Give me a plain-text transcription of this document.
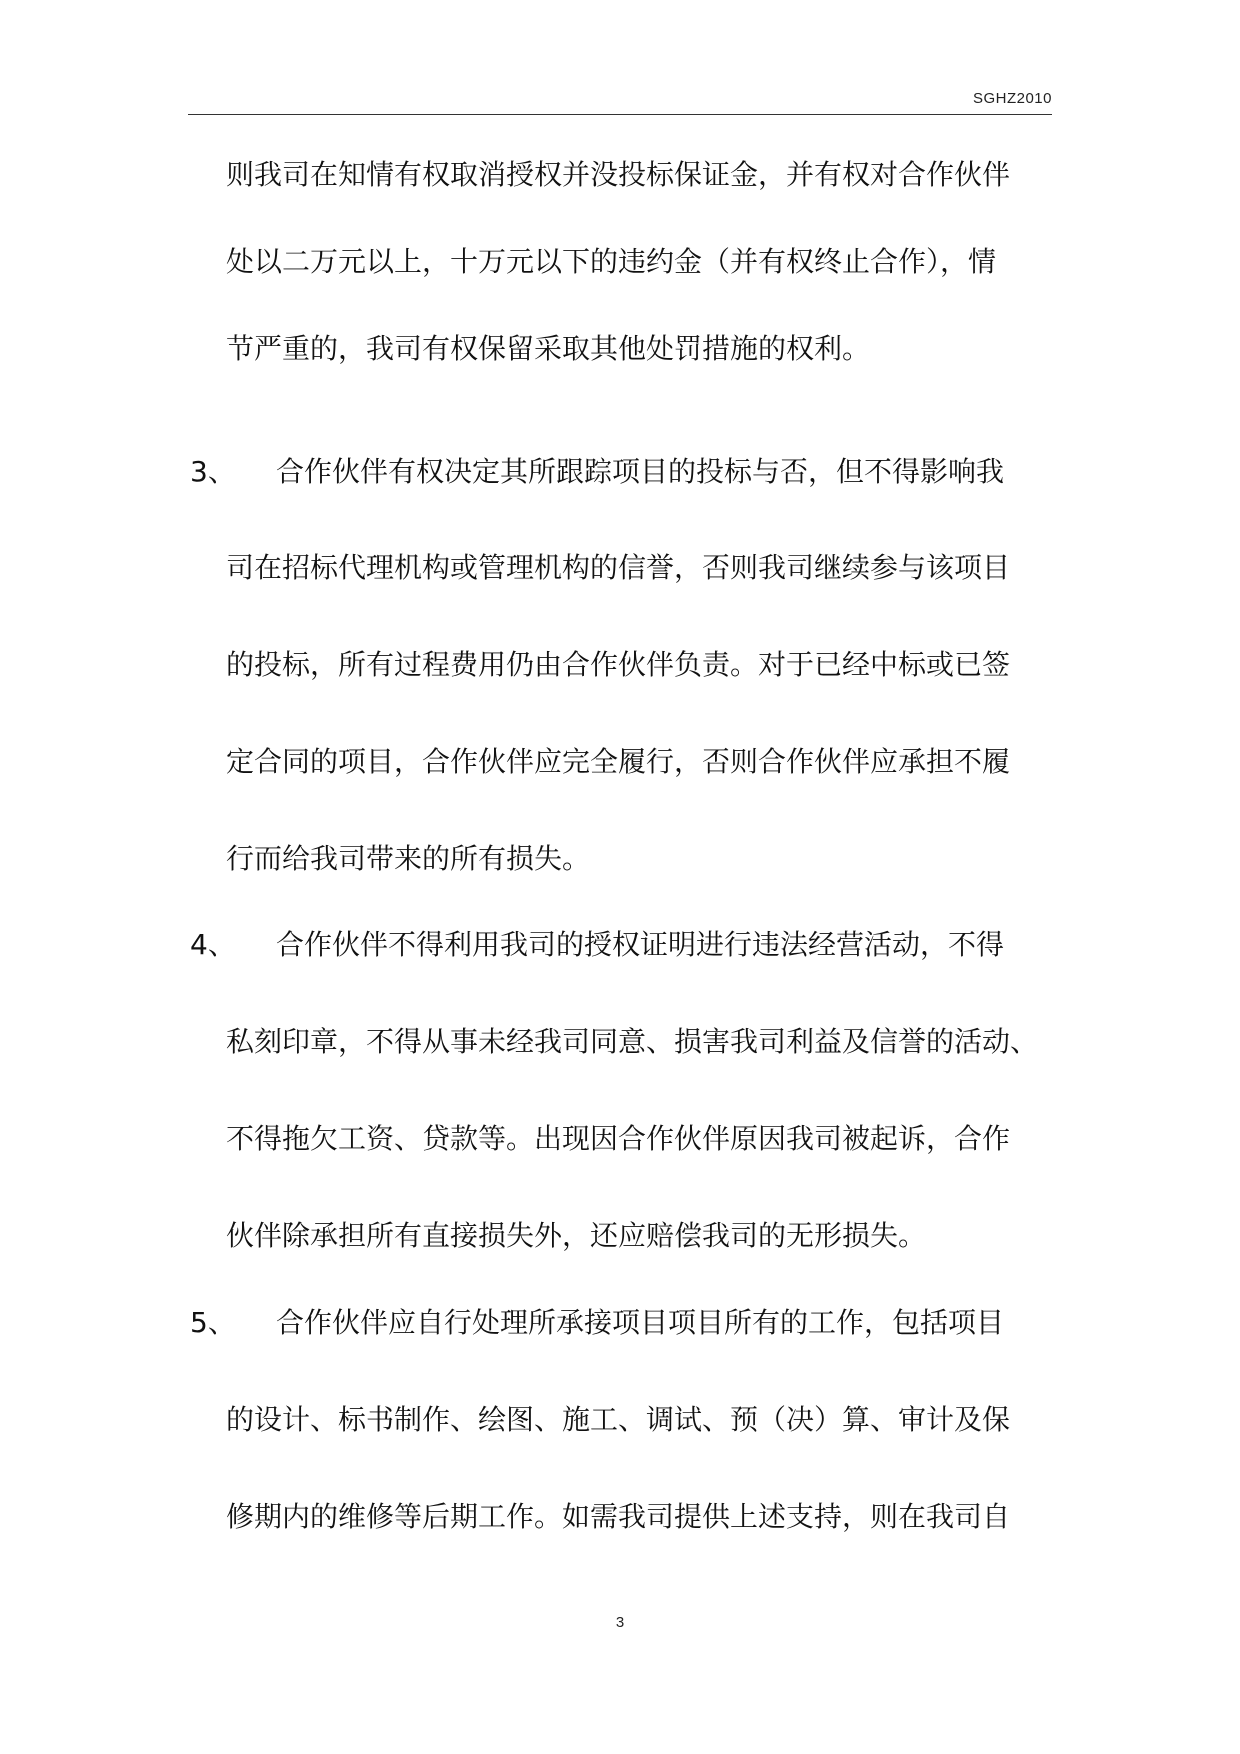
SGHZ2010
则我司在知情有权取消授权并没投标保证金，并有权对合作伙伴
处以二万元以上，十万元以下的违约金（并有权终止合作），情
节严重的，我司有权保留采取其他处罚措施的权利。
3、 合作伙伴有权决定其所跟踪项目的投标与否，但不得影响我
司在招标代理机构或管理机构的信誉，否则我司继续参与该项目
的投标，所有过程费用仍由合作伙伴负责。对于已经中标或已签
定合同的项目，合作伙伴应完全履行，否则合作伙伴应承担不履
行而给我司带来的所有损失。
4、 合作伙伴不得利用我司的授权证明进行违法经营活动，不得
私刻印章，不得从事未经我司同意、损害我司利益及信誉的活动、
不得拖欠工资、贷款等。出现因合作伙伴原因我司被起诉，合作
伙伴除承担所有直接损失外，还应赔偿我司的无形损失。
5、 合作伙伴应自行处理所承接项目项目所有的工作，包括项目
的设计、标书制作、绘图、施工、调试、预（决）算、审计及保
修期内的维修等后期工作。如需我司提供上述支持，则在我司自
3
